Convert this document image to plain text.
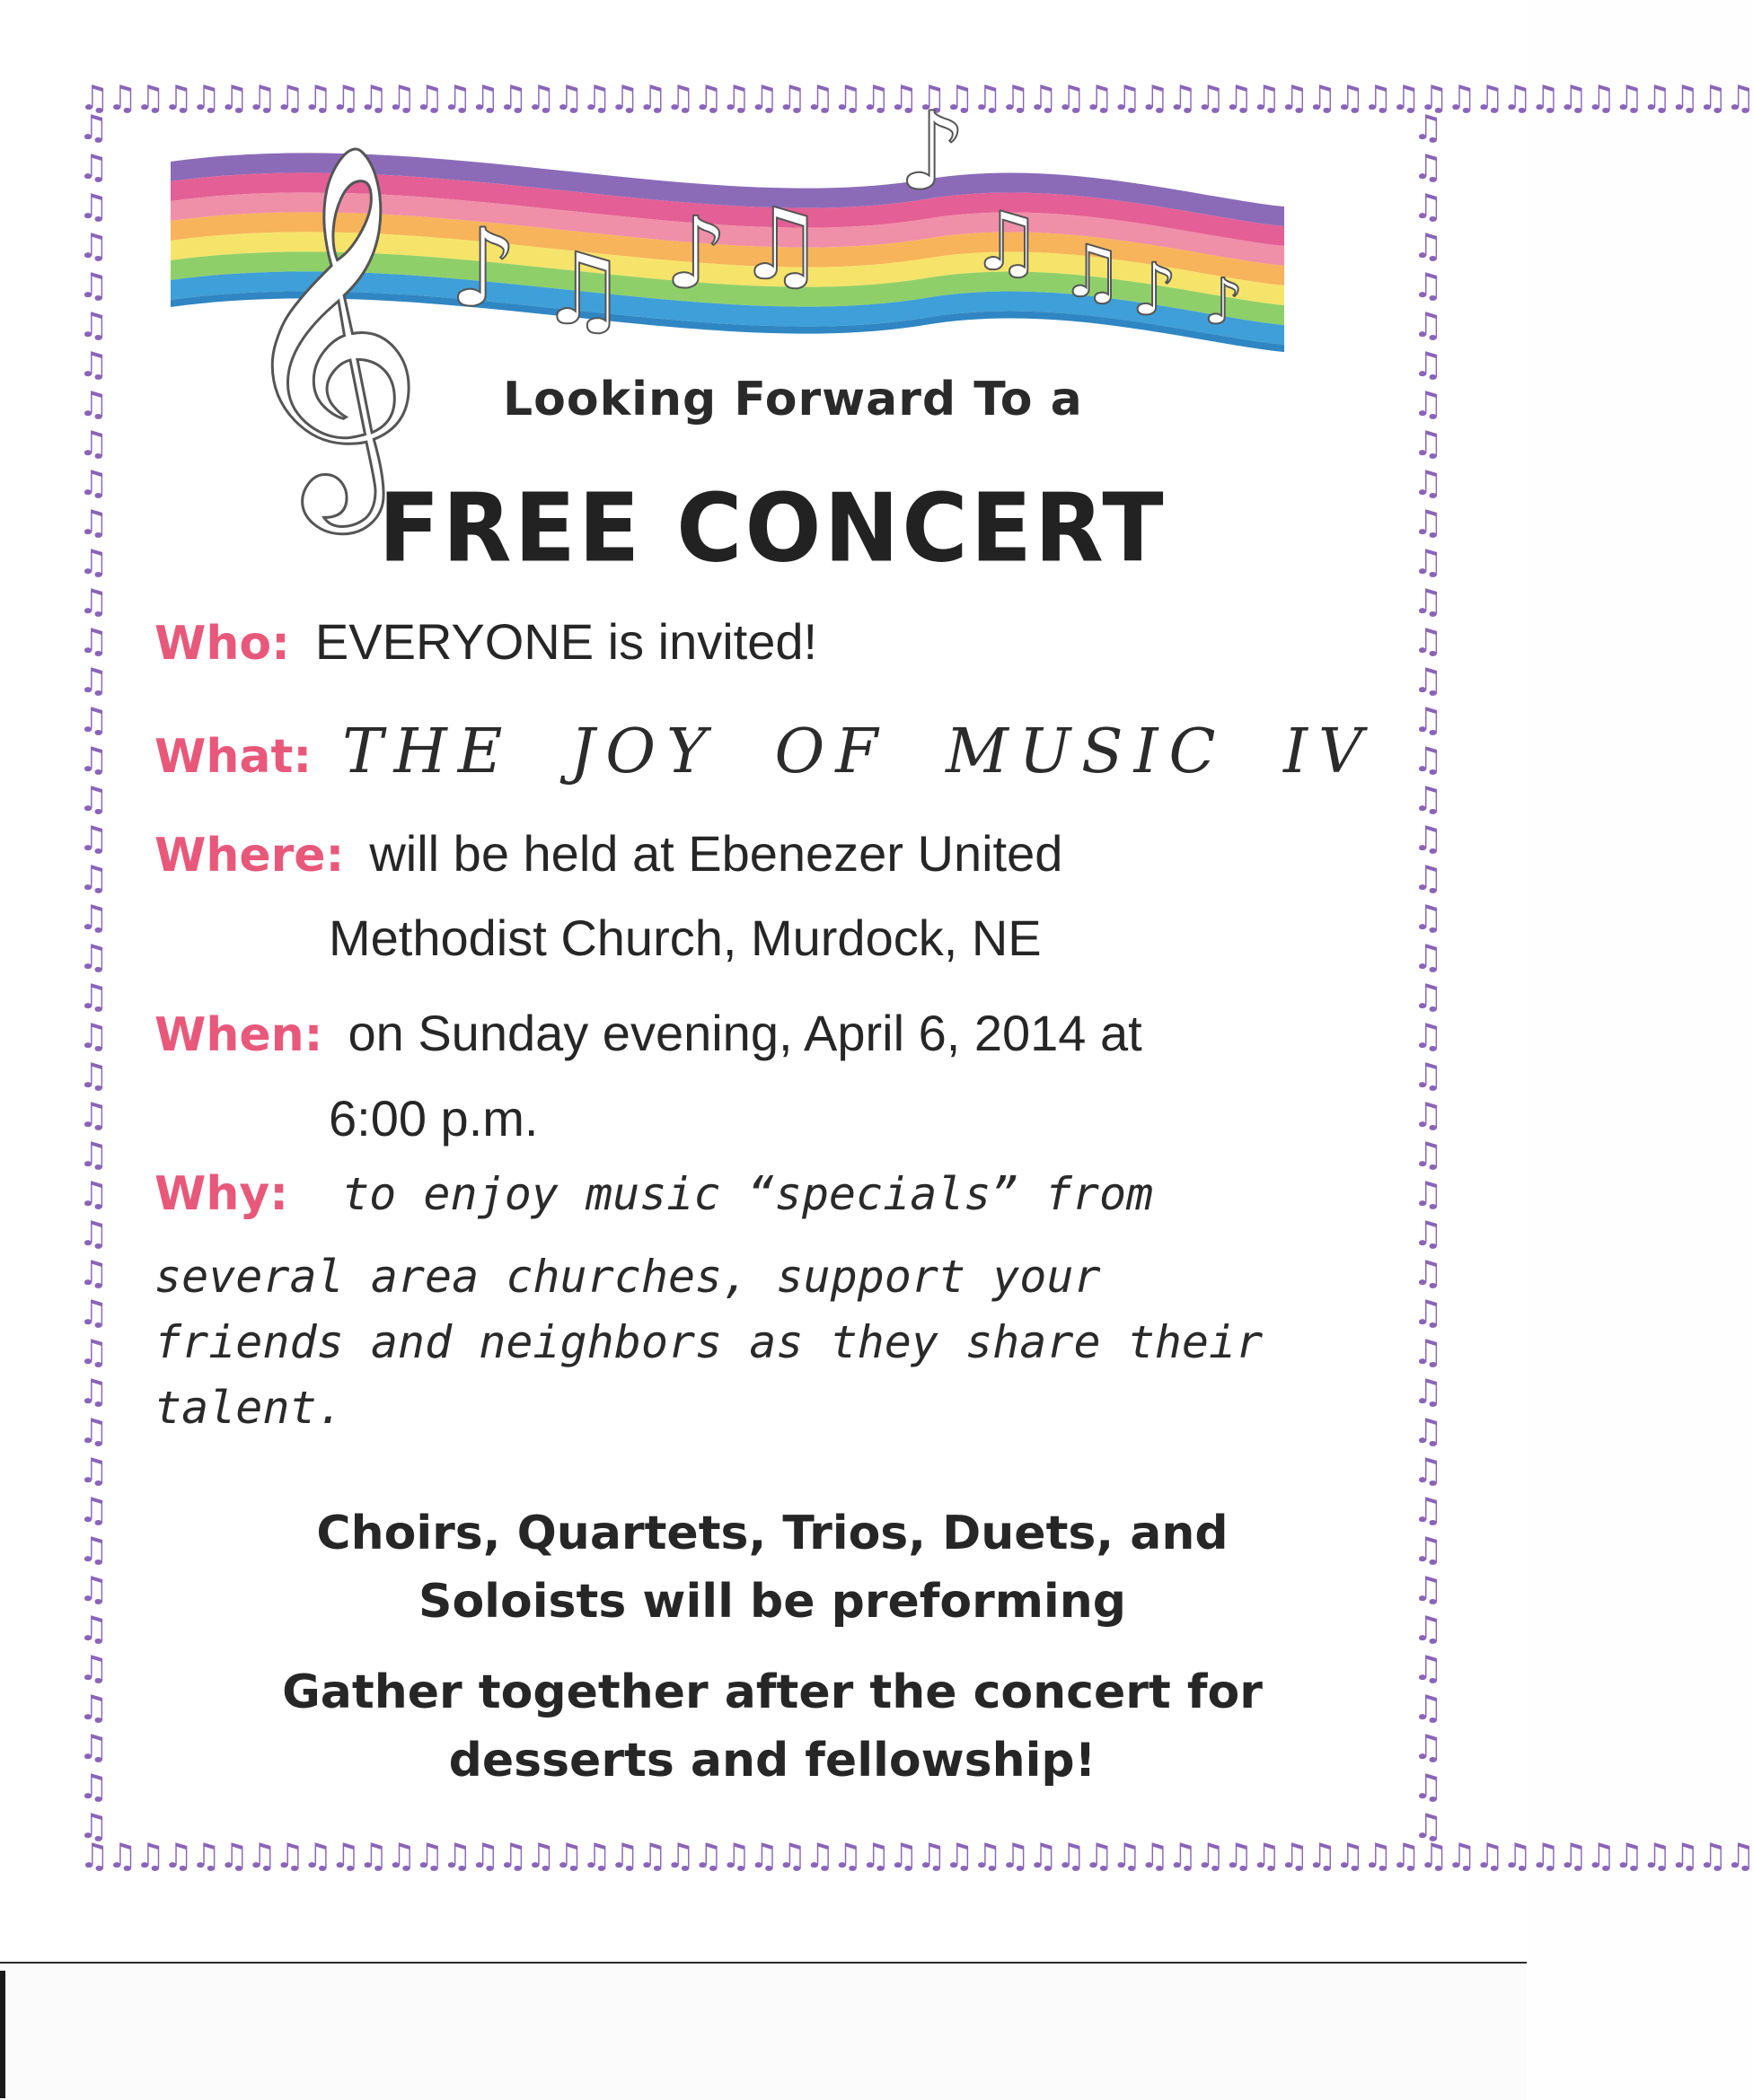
♫♫♫♫♫♫♫♫♫♫♫♫♫♫♫♫♫♫♫♫♫♫♫♫♫♫♫♫♫♫♫♫♫♫♫♫♫♫♫♫♫♫♫♫♫♫♫♫♫♫♫♫♫♫♫♫♫♫♫♫
♫♫♫♫♫♫♫♫♫♫♫♫♫♫♫♫♫♫♫♫♫♫♫♫♫♫♫♫♫♫♫♫♫♫♫♫♫♫♫♫♫♫♫♫♫♫♫♫♫♫♫♫♫♫♫♫♫♫♫♫
♫♫♫♫♫♫♫♫♫♫♫♫♫♫♫♫♫♫♫♫♫♫♫♫♫♫♫♫♫♫♫♫♫♫♫♫♫♫♫♫♫♫♫♫
♫♫♫♫♫♫♫♫♫♫♫♫♫♫♫♫♫♫♫♫♫♫♫♫♫♫♫♫♫♫♫♫♫♫♫♫♫♫♫♫♫♫♫♫
𝄞 ♪ ♫ ♪ ♫
♪
♫ ♫ ♪ ♪
Looking Forward To a
FREE CONCERT
Who: EVERYONE is invited!
What: THE JOY OF MUSIC IV
Where: will be held at Ebenezer United
Methodist Church, Murdock, NE
When: on Sunday evening, April 6, 2014 at
6:00 p.m.
Why: to enjoy music “specials” from
several area churches, support your
friends and neighbors as they share their
talent.
Choirs, Quartets, Trios, Duets, and
Soloists will be preforming
Gather together after the concert for
desserts and fellowship!
